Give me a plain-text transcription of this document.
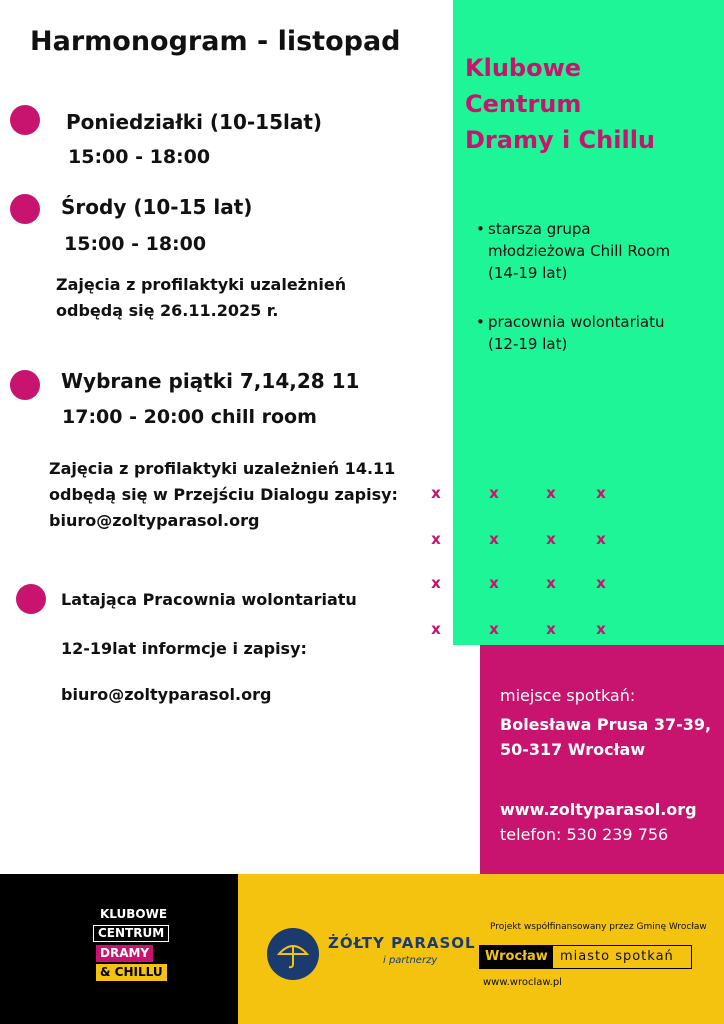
Harmonogram - listopad
Poniedziałki (10-15lat)
15:00 - 18:00
Środy (10-15 lat)
15:00 - 18:00
Zajęcia z profilaktyki uzależnień
odbędą się 26.11.2025 r.
Wybrane piątki 7,14,28 11
17:00 - 20:00 chill room
Zajęcia z profilaktyki uzależnień 14.11
odbędą się w Przejściu Dialogu zapisy:
biuro@zoltyparasol.org
Latająca Pracownia wolontariatu
12-19lat informcje i zapisy:
biuro@zoltyparasol.org
Klubowe
Centrum
Dramy i Chillu
• starsza grupa
młodzieżowa Chill Room
(14-19 lat)
• pracownia wolontariatu
(12-19 lat)
x	x	x	x
x	x	x	x
x	x	x	x
x	x	x	x
miejsce spotkań:
Bolesława Prusa 37-39,
50-317 Wrocław
www.zoltyparasol.org
telefon: 530 239 756
KLUBOWE
CENTRUM
DRAMY
& CHILLU
ŻÓŁTY PARASOL
i partnerzy
Projekt współfinansowany przez Gminę Wrocław
Wrocław miasto spotkań
www.wroclaw.pl
